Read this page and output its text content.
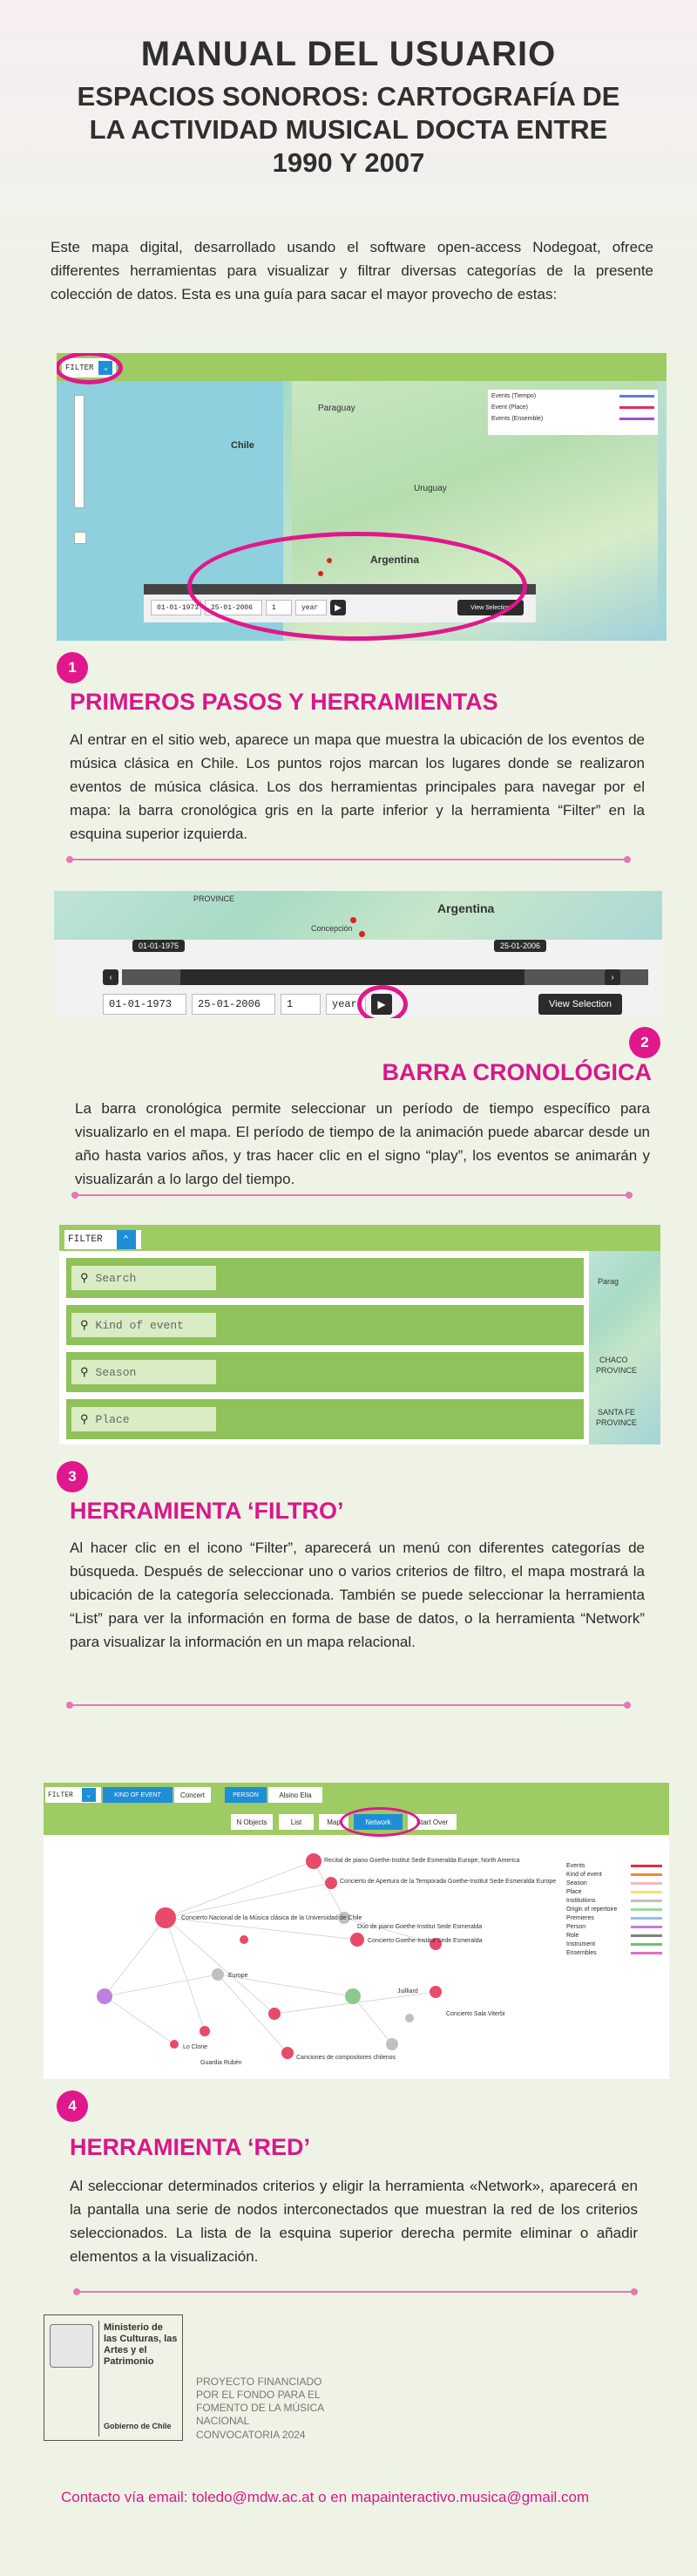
MANUAL DEL USUARIO
ESPACIOS SONOROS: CARTOGRAFÍA DE LA ACTIVIDAD MUSICAL DOCTA ENTRE 1990 Y 2007

Este mapa digital, desarrollado usando el software open-access Nodegoat, ofrece differentes herramientas para visualizar y filtrar diversas categorías de la presente colección de datos. Esta es una guía para sacar el mayor provecho de estas:

FILTER	⌄
Events (Tiempo)
Event (Place)
Events (Ensemble)
Paraguay
Chile
Argentina
Uruguay
01-01-1973	25-01-2006	1	year	▶	View Selection
1
PRIMEROS PASOS Y HERRAMIENTAS

Al entrar en el sitio web, aparece un mapa que muestra la ubicación de los eventos de música clásica en Chile. Los puntos rojos marcan los lugares donde se realizaron eventos de música clásica. Los dos herramientas principales para navegar por el mapa: la barra cronológica gris en la parte inferior y la herramienta “Filter” en la esquina superior izquierda.

PROVINCE
Argentina
Concepción
01-01-1975	25-01-2006
‹	›
01-01-1973	25-01-2006	1	year	▶	View Selection
2
BARRA CRONOLÓGICA

La barra cronológica permite seleccionar un período de tiempo específico para visualizarlo en el mapa. El período de tiempo de la animación puede abarcar desde un año hasta varios años, y tras hacer clic en el signo “play”, los eventos se animarán y visualizarán a lo largo del tiempo.

FILTER	⌃
Parag
CHACO
PROVINCE
SANTA FE
PROVINCE
⚲ Search
⚲ Kind of event
⚲ Season
⚲ Place
3
HERRAMIENTA ‘FILTRO’

Al hacer clic en el icono “Filter”, aparecerá un menú con diferentes categorías de búsqueda. Después de seleccionar uno o varios criterios de filtro, el mapa mostrará la ubicación de la categoría seleccionada. También se puede seleccionar la herramienta “List” para ver la información en forma de base de datos, o la herramienta “Network” para visualizar la información en un mapa relacional.

FILTER	⌄	KIND OF EVENT	Concert	PERSON	Alsino Elia
N Objects	List	Map	Network	Start Over
Events
Kind of event
Season
Place
Institutions
Origin of repertoire
Premieres
Person
Role
Instrument
Ensembles
Recital de piano Goethe-Institut Sede Esmeralda Europe, North America
Concierto de Apertura de la Temporada Goethe-Institut Sede Esmeralda Europe
Concierto Nacional de la Música clásica de la Universidad de Chile
Dúo de piano Goethe-Institut Sede Esmeralda
Concierto Goethe-Institut Sede Esmeralda
Europe
Juilliard
Concierto Sala Viterbi
Lo Clone
Guardia Rubén
Canciones de compositores chilenos
4
HERRAMIENTA ‘RED’

Al seleccionar determinados criterios y eligir la herramienta «Network», aparecerá en la pantalla una serie de nodos interconectados que muestran la red de los criterios seleccionados. La lista de la esquina superior derecha permite eliminar o añadir elementos a la visualización.

Ministerio de las Culturas, las Artes y el Patrimonio
Gobierno de Chile
PROYECTO FINANCIADO POR EL FONDO PARA EL FOMENTO DE LA MÚSICA NACIONAL
CONVOCATORIA 2024
Contacto vía email: toledo@mdw.ac.at o en mapainteractivo.musica@gmail.com
